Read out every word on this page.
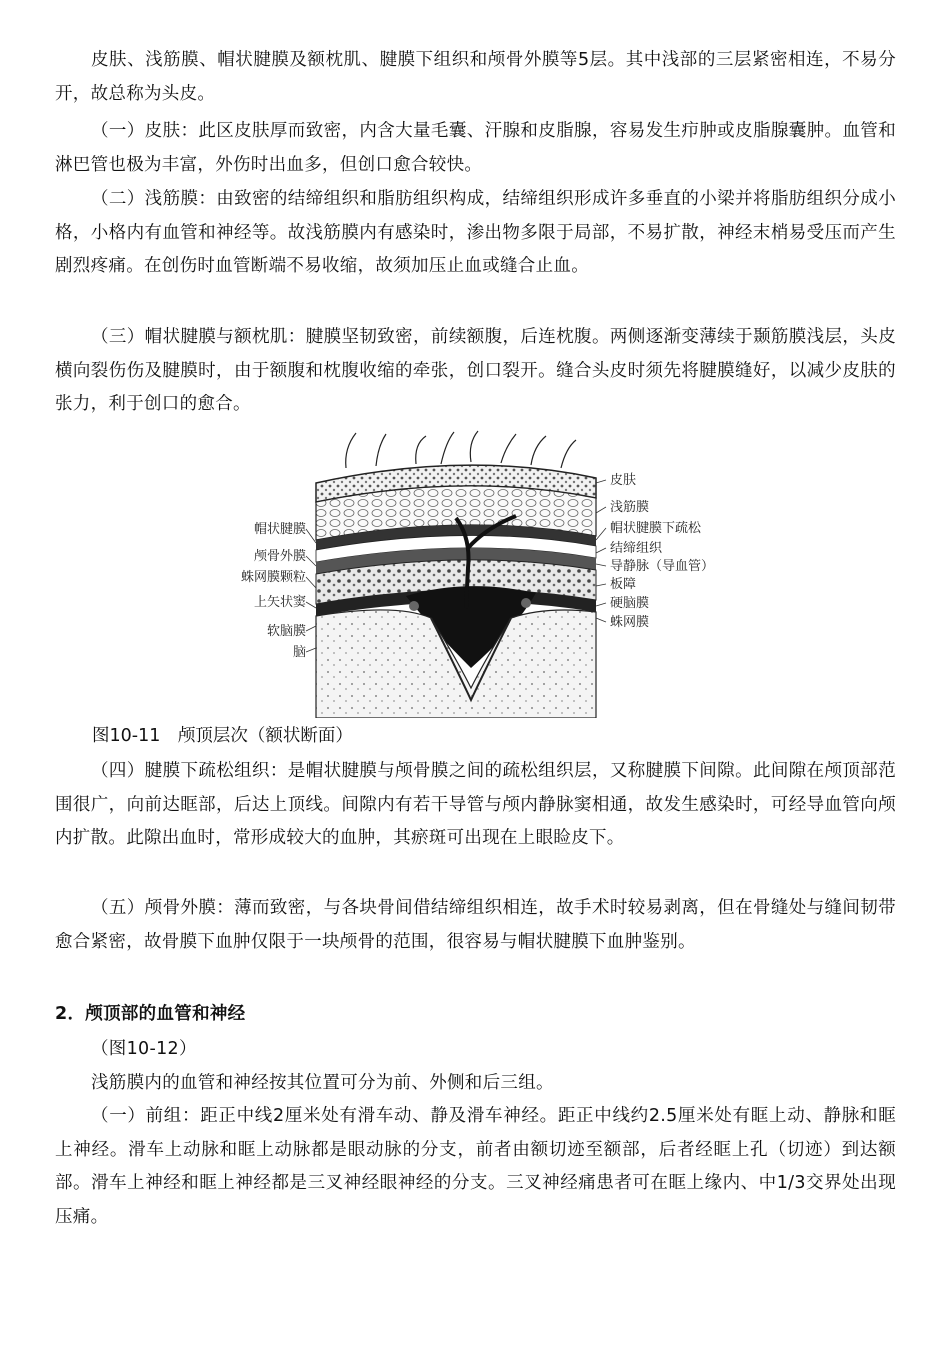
皮肤、浅筋膜、帽状腱膜及额枕肌、腱膜下组织和颅骨外膜等5层。其中浅部的三层紧密相连，不易分开，故总称为头皮。

（一）皮肤：此区皮肤厚而致密，内含大量毛囊、汗腺和皮脂腺，容易发生疖肿或皮脂腺囊肿。血管和淋巴管也极为丰富，外伤时出血多，但创口愈合较快。

（二）浅筋膜：由致密的结缔组织和脂肪组织构成，结缔组织形成许多垂直的小梁并将脂肪组织分成小格，小格内有血管和神经等。故浅筋膜内有感染时，渗出物多限于局部，不易扩散，神经末梢易受压而产生剧烈疼痛。在创伤时血管断端不易收缩，故须加压止血或缝合止血。

（三）帽状腱膜与额枕肌：腱膜坚韧致密，前续额腹，后连枕腹。两侧逐渐变薄续于颞筋膜浅层，头皮横向裂伤伤及腱膜时，由于额腹和枕腹收缩的牵张，创口裂开。缝合头皮时须先将腱膜缝好，以减少皮肤的张力，利于创口的愈合。

皮肤
浅筋膜
帽状腱膜下疏松
结缔组织
导静脉（导血管）
板障
硬脑膜
蛛网膜
帽状腱膜
颅骨外膜
蛛网膜颗粒
上矢状窦
软脑膜
脑
图10-11　颅顶层次（额状断面）

（四）腱膜下疏松组织：是帽状腱膜与颅骨膜之间的疏松组织层，又称腱膜下间隙。此间隙在颅顶部范围很广，向前达眶部，后达上顶线。间隙内有若干导管与颅内静脉窦相通，故发生感染时，可经导血管向颅内扩散。此隙出血时，常形成较大的血肿，其瘀斑可出现在上眼睑皮下。

（五）颅骨外膜：薄而致密，与各块骨间借结缔组织相连，故手术时较易剥离，但在骨缝处与缝间韧带愈合紧密，故骨膜下血肿仅限于一块颅骨的范围，很容易与帽状腱膜下血肿鉴别。

2．颅顶部的血管和神经

（图10-12）

浅筋膜内的血管和神经按其位置可分为前、外侧和后三组。

（一）前组：距正中线2厘米处有滑车动、静及滑车神经。距正中线约2.5厘米处有眶上动、静脉和眶上神经。滑车上动脉和眶上动脉都是眼动脉的分支，前者由额切迹至额部，后者经眶上孔（切迹）到达额部。滑车上神经和眶上神经都是三叉神经眼神经的分支。三叉神经痛患者可在眶上缘内、中1/3交界处出现压痛。
